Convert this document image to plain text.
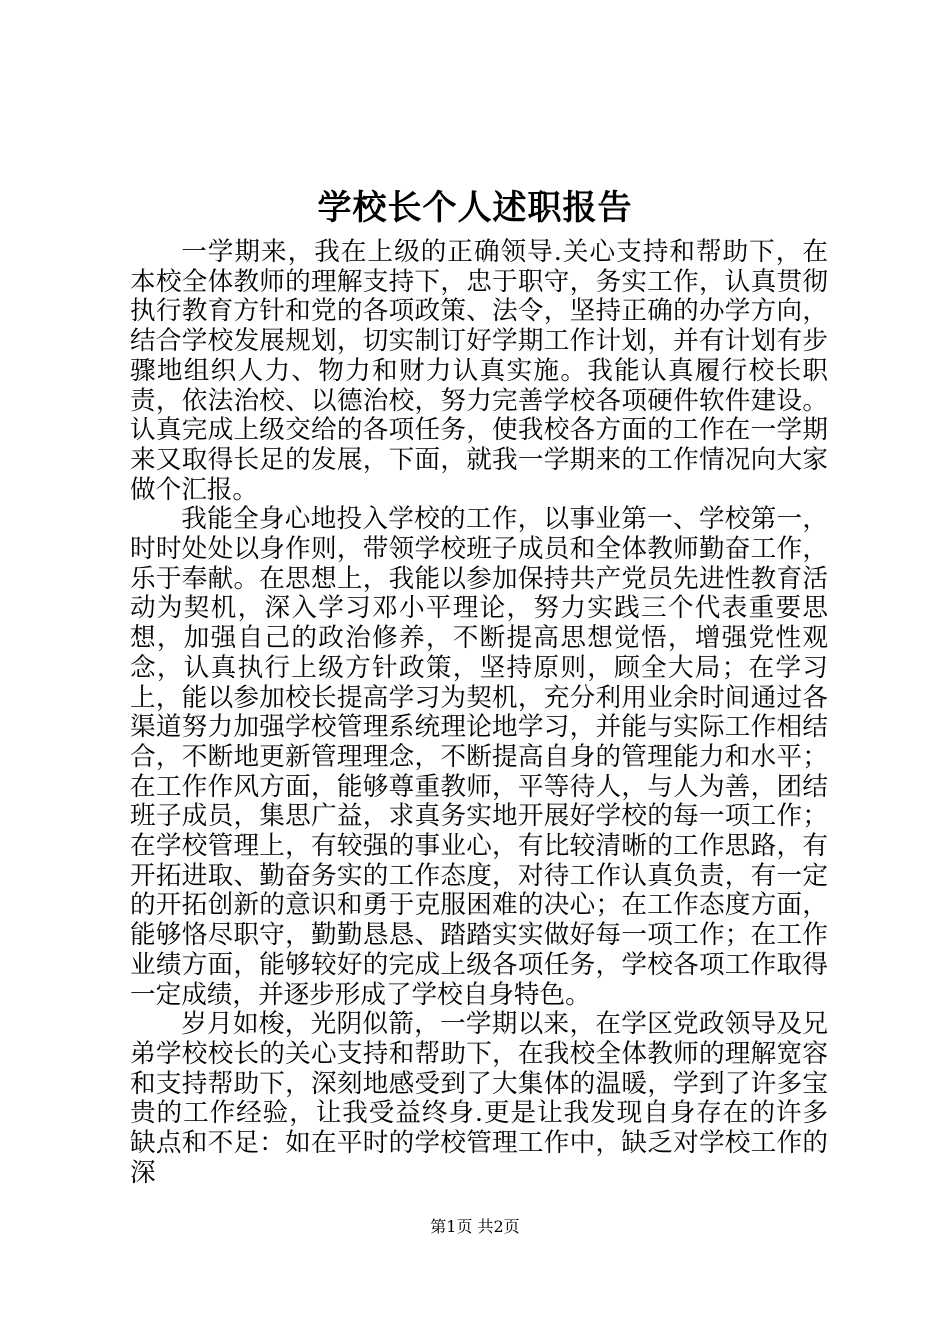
学校长个人述职报告

一学期来，我在上级的正确领导.关心支持和帮助下，在本校全体教师的理解支持下，忠于职守，务实工作，认真贯彻执行教育方针和党的各项政策、法令，坚持正确的办学方向，结合学校发展规划，切实制订好学期工作计划，并有计划有步骤地组织人力、物力和财力认真实施。我能认真履行校长职责，依法治校、以德治校，努力完善学校各项硬件软件建设。认真完成上级交给的各项任务，使我校各方面的工作在一学期来又取得长足的发展，下面，就我一学期来的工作情况向大家做个汇报。

我能全身心地投入学校的工作，以事业第一、学校第一，时时处处以身作则，带领学校班子成员和全体教师勤奋工作，乐于奉献。在思想上，我能以参加保持共产党员先进性教育活动为契机，深入学习邓小平理论，努力实践三个代表重要思想，加强自己的政治修养，不断提高思想觉悟，增强党性观念，认真执行上级方针政策，坚持原则，顾全大局；在学习上，能以参加校长提高学习为契机，充分利用业余时间通过各渠道努力加强学校管理系统理论地学习，并能与实际工作相结合，不断地更新管理理念，不断提高自身的管理能力和水平；在工作作风方面，能够尊重教师，平等待人，与人为善，团结班子成员，集思广益，求真务实地开展好学校的每一项工作；在学校管理上，有较强的事业心，有比较清晰的工作思路，有开拓进取、勤奋务实的工作态度，对待工作认真负责，有一定的开拓创新的意识和勇于克服困难的决心；在工作态度方面，能够恪尽职守，勤勤恳恳、踏踏实实做好每一项工作；在工作业绩方面，能够较好的完成上级各项任务，学校各项工作取得一定成绩，并逐步形成了学校自身特色。

岁月如梭，光阴似箭，一学期以来，在学区党政领导及兄弟学校校长的关心支持和帮助下，在我校全体教师的理解宽容和支持帮助下，深刻地感受到了大集体的温暖，学到了许多宝贵的工作经验，让我受益终身.更是让我发现自身存在的许多缺点和不足：如在平时的学校管理工作中，缺乏对学校工作的深

第1页 共2页
